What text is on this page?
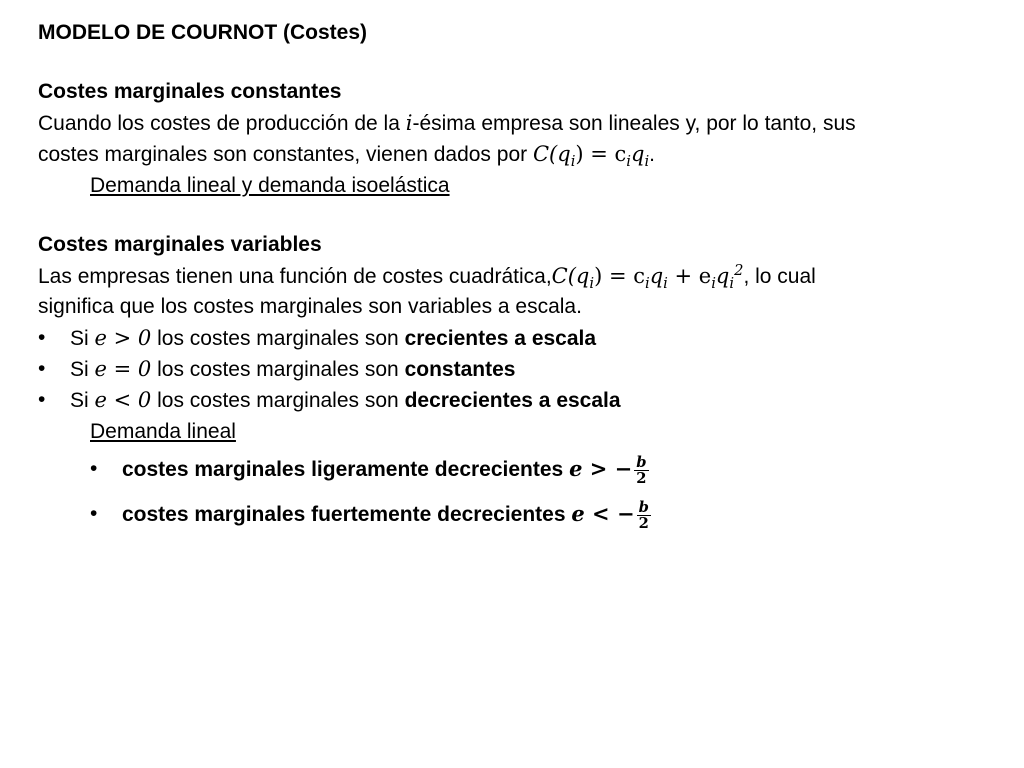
MODELO DE COURNOT (Costes)

Costes marginales constantes

Cuando los costes de producción de la i-ésima empresa son lineales y, por lo tanto, sus

costes marginales son constantes, vienen dados por $C(q_i) = c_iq_i$.

Demanda lineal y demanda isoelástica

Costes marginales variables

Las empresas tienen una función de costes $cuadrática,C(q_i) = c_iq_i + e_iq_i^2$, lo cual

significa que los costes marginales son variables a escala.

•	Si e > 0 los costes marginales son crecientes a escala
•	Si e = 0 los costes marginales son constantes
•	Si e < 0 los costes marginales son decrecientes a escala

Demanda lineal

•	costes marginales ligeramente decrecientes e > − $\frac{b}{2}$
•	costes marginales fuertemente decrecientes e < − $\frac{b}{2}$
